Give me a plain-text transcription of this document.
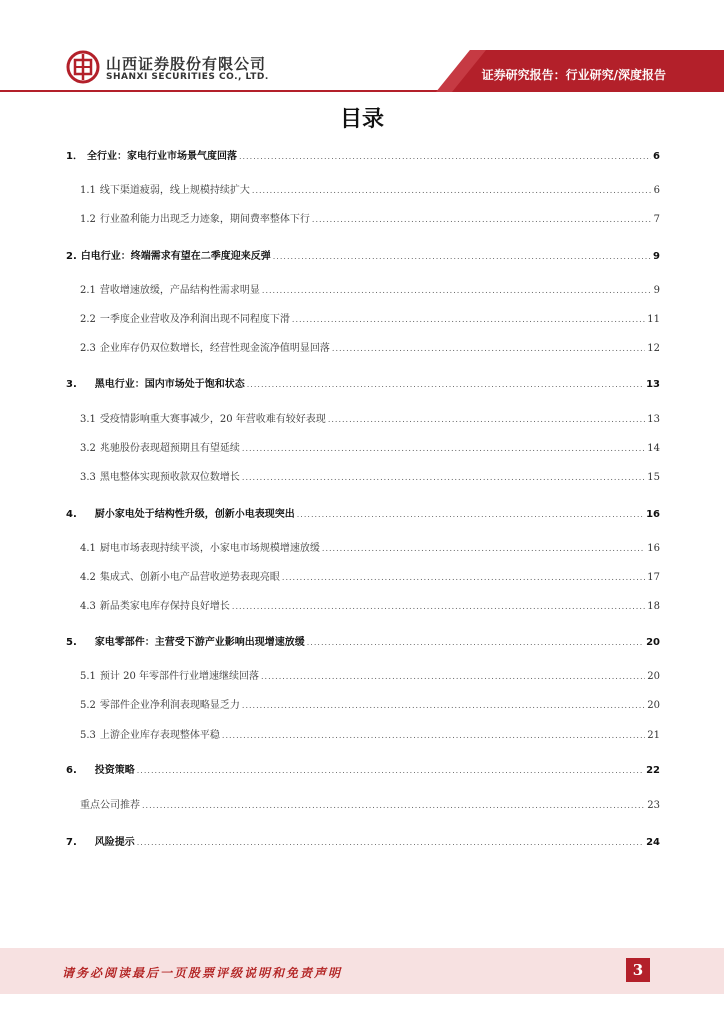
山西证券股份有限公司
SHANXI SECURITIES CO., LTD.	证券研究报告：行业研究/深度报告
目录
1． 全行业：家电行业市场景气度回落 .....	6
1.1 线下渠道疲弱，线上规模持续扩大 .....	6
1.2 行业盈利能力出现乏力迹象，期间费率整体下行 .....	7
2. 白电行业：终端需求有望在二季度迎来反弹 .....	9
2.1 营收增速放缓，产品结构性需求明显 .....	9
2.2 一季度企业营收及净利润出现不同程度下滑 .....	11
2.3 企业库存仍双位数增长，经营性现金流净值明显回落 .....	12
3. 黑电行业：国内市场处于饱和状态 .....	13
3.1 受疫情影响重大赛事减少，20 年营收难有较好表现 .....	13
3.2 兆驰股份表现超预期且有望延续 .....	14
3.3 黑电整体实现预收款双位数增长 .....	15
4. 厨小家电处于结构性升级，创新小电表现突出 .....	16
4.1 厨电市场表现持续平淡，小家电市场规模增速放缓 .....	16
4.2 集成式、创新小电产品营收逆势表现亮眼 .....	17
4.3 新品类家电库存保持良好增长 .....	18
5. 家电零部件：主营受下游产业影响出现增速放缓 .....	20
5.1 预计 20 年零部件行业增速继续回落 .....	20
5.2 零部件企业净利润表现略显乏力 .....	20
5.3 上游企业库存表现整体平稳 .....	21
6. 投资策略 .....	22
重点公司推荐 .....	23
7. 风险提示 .....	24
请务必阅读最后一页股票评级说明和免责声明	3
